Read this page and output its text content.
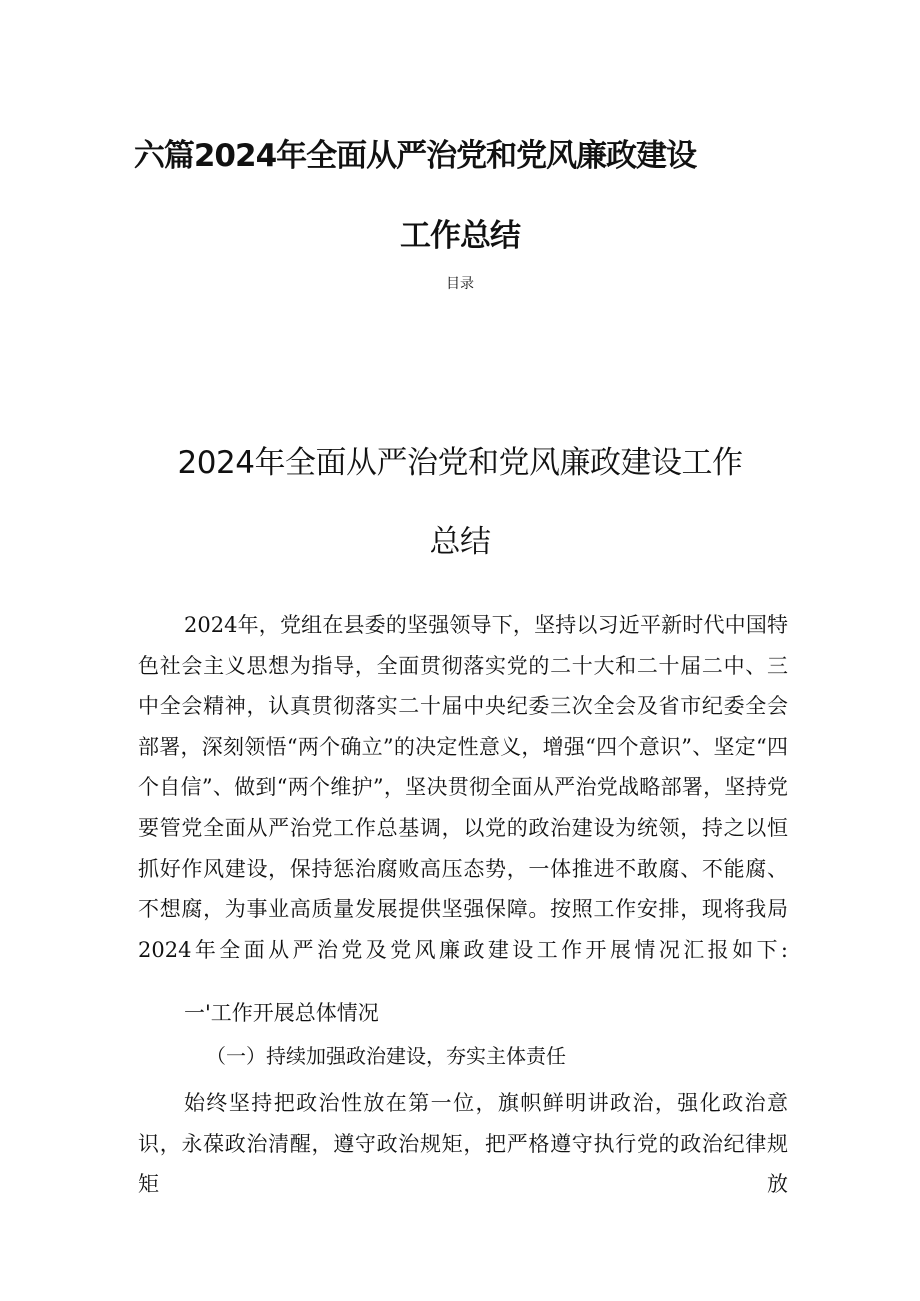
六篇2024年全面从严治党和党风廉政建设
工作总结

目录

2024年全面从严治党和党风廉政建设工作
总结

2024年，党组在县委的坚强领导下，坚持以习近平新时代中国特色社会主义思想为指导，全面贯彻落实党的二十大和二十届二中、三中全会精神，认真贯彻落实二十届中央纪委三次全会及省市纪委全会部署，深刻领悟“两个确立”的决定性意义，增强“四个意识”、坚定“四个自信”、做到“两个维护”，坚决贯彻全面从严治党战略部署，坚持党要管党全面从严治党工作总基调，以党的政治建设为统领，持之以恒抓好作风建设，保持惩治腐败高压态势，一体推进不敢腐、不能腐、不想腐，为事业高质量发展提供坚强保障。按照工作安排，现将我局2024年全面从严治党及党风廉政建设工作开展情况汇报如下:

一'工作开展总体情况

（一）持续加强政治建设，夯实主体责任

始终坚持把政治性放在第一位，旗帜鲜明讲政治，强化政治意识，永葆政治清醒，遵守政治规矩，把严格遵守执行党的政治纪律规矩放
